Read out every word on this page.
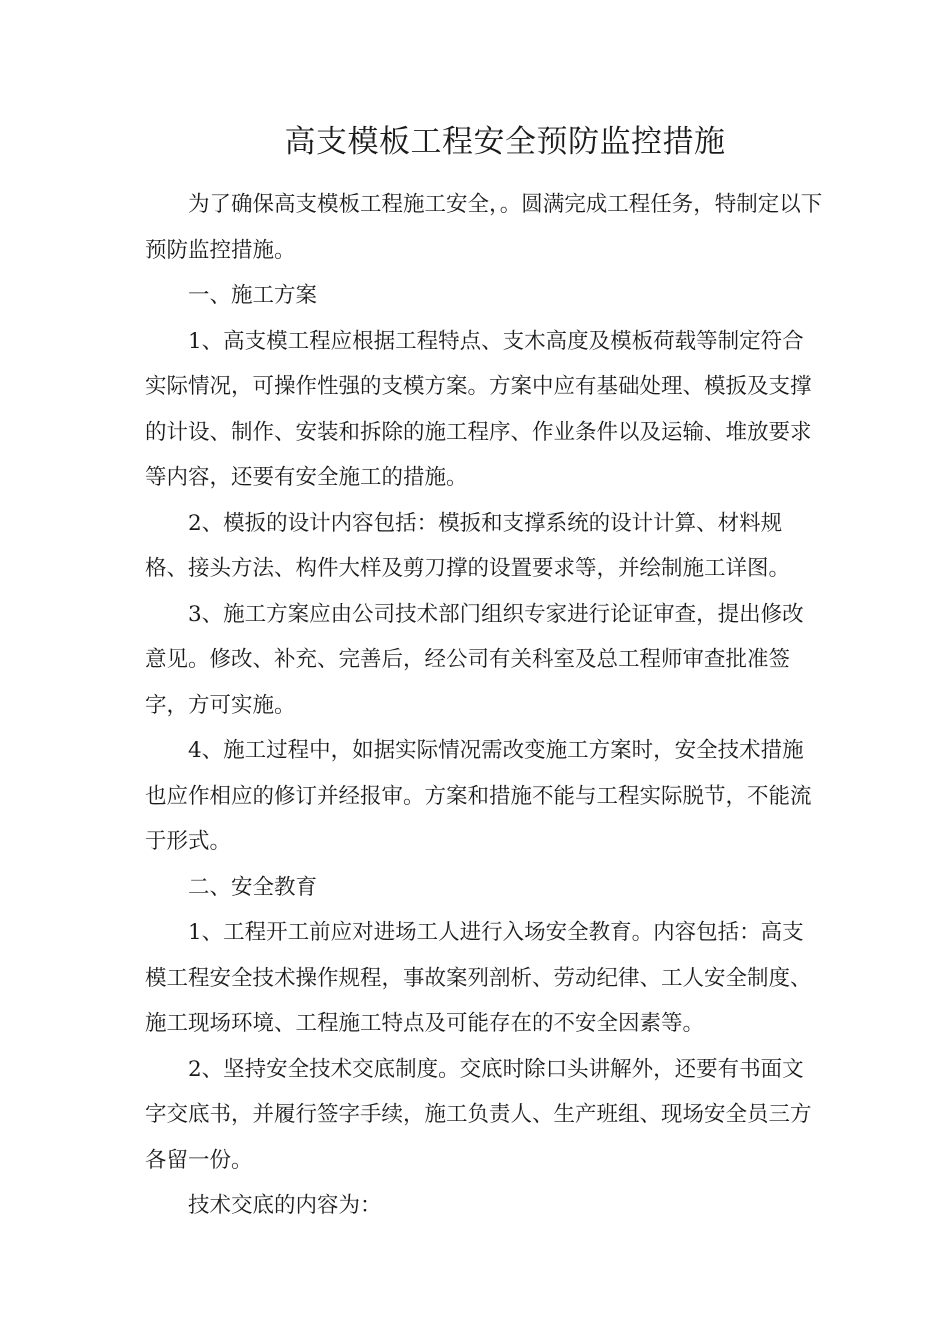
高支模板工程安全预防监控措施

为了确保高支模板工程施工安全，。圆满完成工程任务，特制定以下预防监控措施。

一、施工方案

1、高支模工程应根据工程特点、支木高度及模板荷载等制定符合实际情况，可操作性强的支模方案。方案中应有基础处理、模扳及支撑的计设、制作、安装和拆除的施工程序、作业条件以及运输、堆放要求等内容，还要有安全施工的措施。

2、模扳的设计内容包括：模扳和支撑系统的设计计算、材料规格、接头方法、构件大样及剪刀撑的设置要求等，并绘制施工详图。

3、施工方案应由公司技术部门组织专家进行论证审查，提出修改意见。修改、补充、完善后，经公司有关科室及总工程师审查批准签字，方可实施。

4、施工过程中，如据实际情况需改变施工方案时，安全技术措施也应作相应的修订并经报审。方案和措施不能与工程实际脱节，不能流于形式。

二、安全教育

1、工程开工前应对进场工人进行入场安全教育。内容包括：高支模工程安全技术操作规程，事故案列剖析、劳动纪律、工人安全制度、施工现场环境、工程施工特点及可能存在的不安全因素等。

2、坚持安全技术交底制度。交底时除口头讲解外，还要有书面文字交底书，并履行签字手续，施工负责人、生产班组、现场安全员三方各留一份。

技术交底的内容为：
